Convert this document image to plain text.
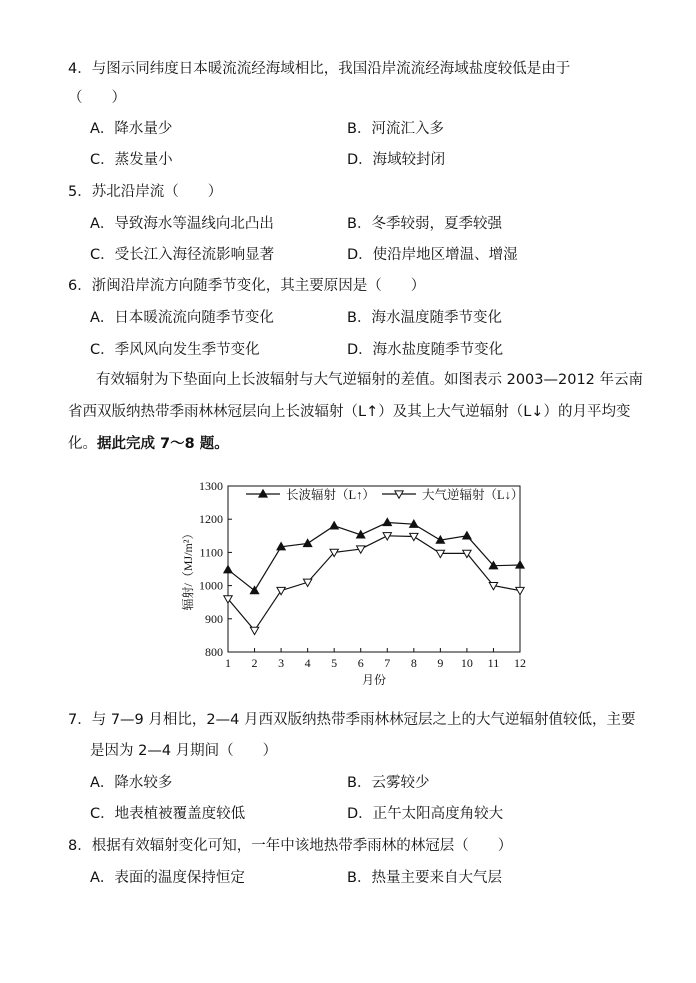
4．与图示同纬度日本暖流流经海域相比，我国沿岸流流经海域盐度较低是由于
（　　）
A．降水量少	B．河流汇入多
C．蒸发量小	D．海域较封闭
5．苏北沿岸流（　　）
A．导致海水等温线向北凸出	B．冬季较弱，夏季较强
C．受长江入海径流影响显著	D．使沿岸地区增温、增湿
6．浙闽沿岸流方向随季节变化，其主要原因是（　　）
A．日本暖流流向随季节变化	B．海水温度随季节变化
C．季风风向发生季节变化	D．海水盐度随季节变化
有效辐射为下垫面向上长波辐射与大气逆辐射的差值。如图表示 2003—2012 年云南
省西双版纳热带季雨林林冠层向上长波辐射（L↑）及其上大气逆辐射（L↓）的月平均变
化。据此完成 7～8 题。
800
900
1000
1100
1200
1300
1 2 3 4 5 6 7 8 9 10 11 12
长波辐射（L↑）	大气逆辐射（L↓）
月份
辐射/（MJ/m²）
7．与 7—9 月相比，2—4 月西双版纳热带季雨林林冠层之上的大气逆辐射值较低，主要
是因为 2—4 月期间（　　）
A．降水较多	B．云雾较少
C．地表植被覆盖度较低	D．正午太阳高度角较大
8．根据有效辐射变化可知，一年中该地热带季雨林的林冠层（　　）
A．表面的温度保持恒定	B．热量主要来自大气层
